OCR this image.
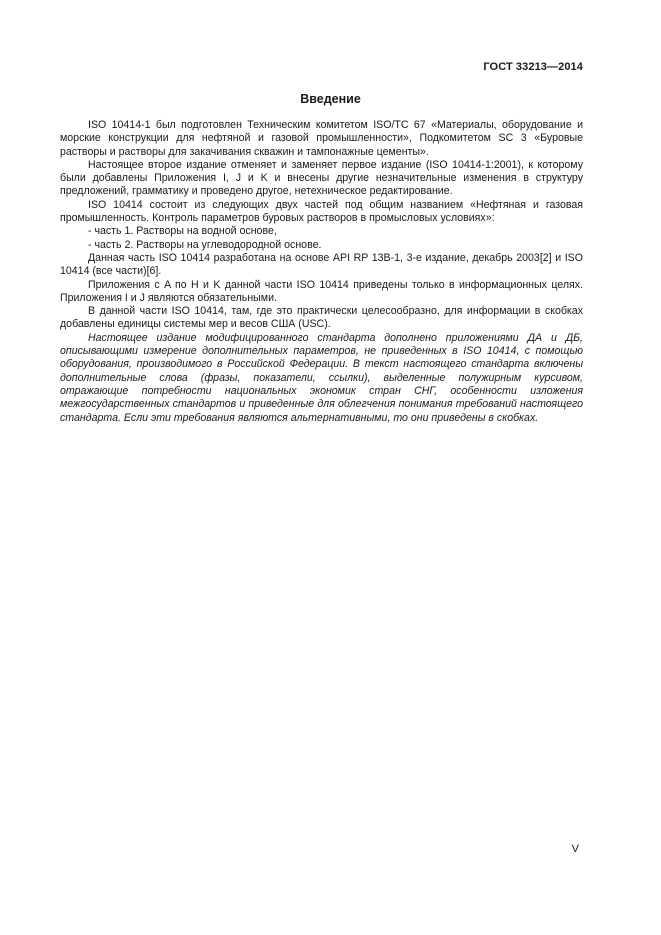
ГОСТ 33213—2014
Введение

ISO 10414-1 был подготовлен Техническим комитетом ISO/TC 67 «Материалы, оборудование и морские конструкции для нефтяной и газовой промышленности», Подкомитетом SC 3 «Буровые растворы и растворы для закачивания скважин и тампонажные цементы».

Настоящее второе издание отменяет и заменяет первое издание (ISO 10414-1:2001), к которому были добавлены Приложения I, J и K и внесены другие незначительные изменения в структуру предложений, грамматику и проведено другое, нетехническое редактирование.

ISO 10414 состоит из следующих двух частей под общим названием «Нефтяная и газовая промышленность. Контроль параметров буровых растворов в промысловых условиях»:

- часть 1. Растворы на водной основе,

- часть 2. Растворы на углеводородной основе.

Данная часть ISO 10414 разработана на основе API RP 13B-1, 3-е издание, декабрь 2003[2] и ISO 10414 (все части)[6].

Приложения с A по H и K данной части ISO 10414 приведены только в информационных целях. Приложения I и J являются обязательными.

В данной части ISO 10414, там, где это практически целесообразно, для информации в скобках добавлены единицы системы мер и весов США (USC).

Настоящее издание модифицированного стандарта дополнено приложениями ДА и ДБ, описывающими измерение дополнительных параметров, не приведенных в ISO 10414, с помощью оборудования, производимого в Российской Федерации. В текст настоящего стандарта включены дополнительные слова (фразы, показатели, ссылки), выделенные полужирным курсивом, отражающие потребности национальных экономик стран СНГ, особенности изложения межгосударственных стандартов и приведенные для облегчения понимания требований настоящего стандарта. Если эти требования являются альтернативными, то они приведены в скобках.

V
